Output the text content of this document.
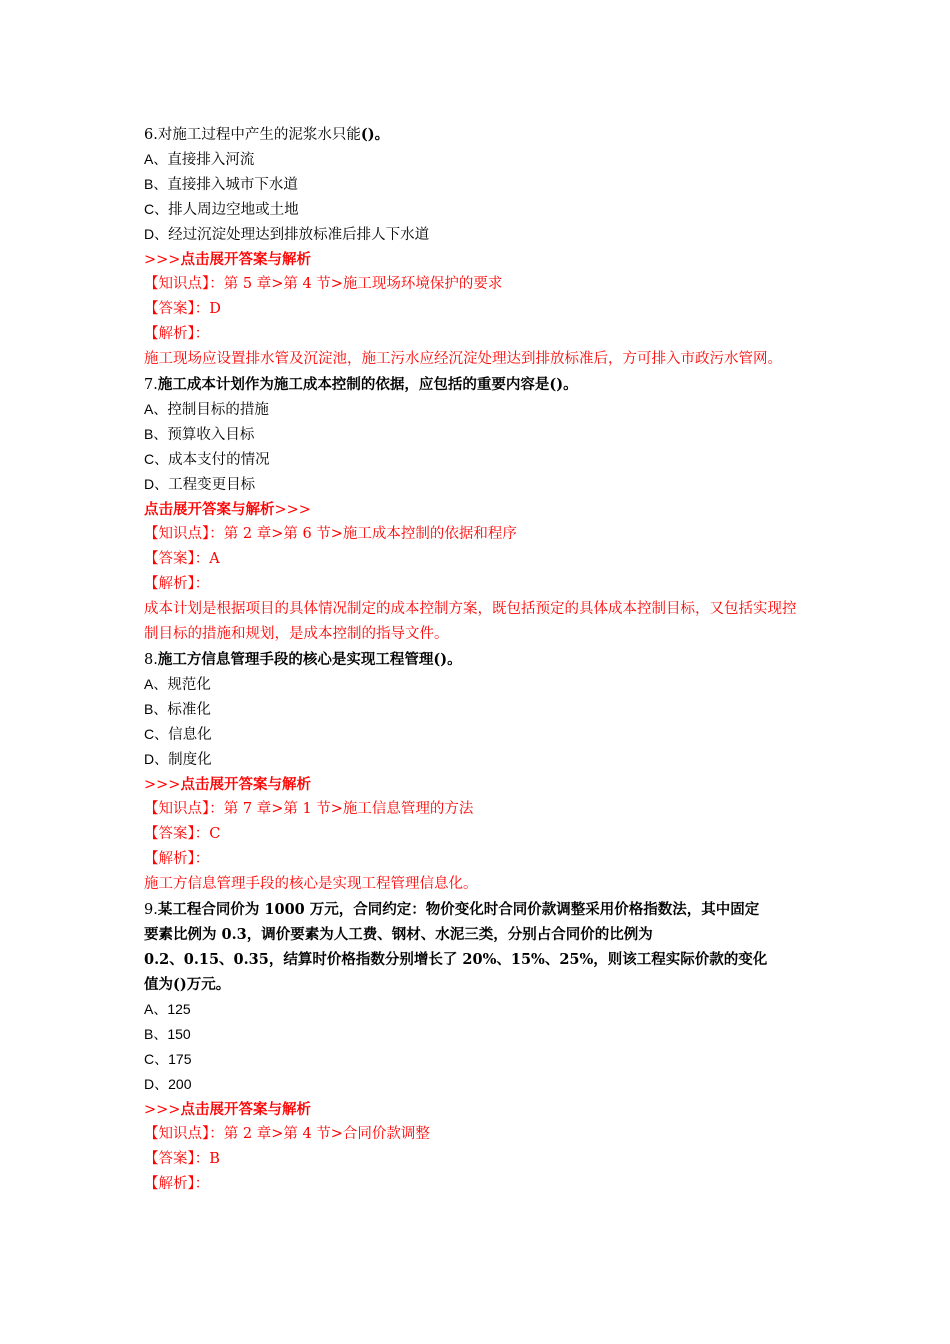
6.对施工过程中产生的泥浆水只能()。
A、直接排入河流
B、直接排入城市下水道
C、排人周边空地或土地
D、经过沉淀处理达到排放标准后排人下水道
>>>点击展开答案与解析
【知识点】：第 5 章>第 4 节>施工现场环境保护的要求
【答案】：D
【解析】：
施工现场应设置排水管及沉淀池，施工污水应经沉淀处理达到排放标准后，方可排入市政污水管网。
7.施工成本计划作为施工成本控制的依据，应包括的重要内容是()。
A、控制目标的措施
B、预算收入目标
C、成本支付的情况
D、工程变更目标
点击展开答案与解析>>>
【知识点】：第 2 章>第 6 节>施工成本控制的依据和程序
【答案】：A
【解析】：
成本计划是根据项目的具体情况制定的成本控制方案，既包括预定的具体成本控制目标，又包括实现控制目标的措施和规划，是成本控制的指导文件。
8.施工方信息管理手段的核心是实现工程管理()。
A、规范化
B、标准化
C、信息化
D、制度化
>>>点击展开答案与解析
【知识点】：第 7 章>第 1 节>施工信息管理的方法
【答案】：C
【解析】：
施工方信息管理手段的核心是实现工程管理信息化。
9.某工程合同价为 1000 万元，合同约定：物价变化时合同价款调整采用价格指数法，其中固定
要素比例为 0.3，调价要素为人工费、钢材、水泥三类，分别占合同价的比例为
0.2、0.15、0.35，结算时价格指数分别增长了 20%、15%、25%，则该工程实际价款的变化
值为()万元。
A、125
B、150
C、175
D、200
>>>点击展开答案与解析
【知识点】：第 2 章>第 4 节>合同价款调整
【答案】：B
【解析】：
